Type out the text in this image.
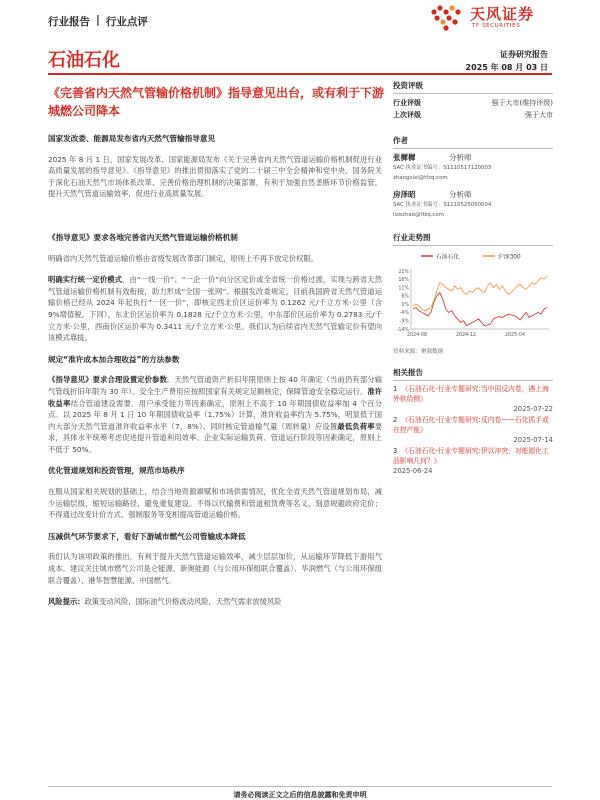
行业报告 | 行业点评	天风证券
TF SECURITIES
石油石化	证券研究报告
2025 年 08 月 03 日
《完善省内天然气管输价格机制》指导意见出台，或有利于下游城燃公司降本
国家发改委、能源局发布省内天然气管输指导意见
2025 年 8 月 1 日，国家发展改革、国家能源局发布《关于完善省内天然气管道运输价格机制促进行业高质量发展的指导意见》。《指导意见》的推出贯彻落实了党的二十届三中全会精神和党中央、国务院关于深化石油天然气市场体系改革、完善价格治理机制的决策部署，有利于加强自然垄断环节价格监管，提升天然气管道运输效率，促进行业高质量发展。
《指导意见》要求各地完善省内天然气管道运输价格机制
明确省内天然气管道运输价格由省级发展改革部门制定，原则上不再下放定价权限。
明确实行统一定价模式，由“一线一价”、“一企一价”向分区定价或全省统一价格过渡，实现与跨省天然气管道运输价格机制有效衔接，助力形成“全国一张网”。根据发改委规定，目前我国跨省天然气管道运输价格已经从 2024 年起执行“一区一价”，即核定西北价区运价率为 0.1262 元/千立方米·公里（含 9%增值税，下同），东北价区运价率为 0.1828 元/千立方米·公里，中东部价区运价率为 0.2783 元/千立方米·公里，西南价区运价率为 0.3411 元/千立方米·公里。我们认为后续省内天然气管输定价有望向该模式靠拢。
规定“准许成本加合理收益”的方法参数
《指导意见》要求合理设置定价参数。天然气管道资产折旧年限原则上按 40 年确定（当前仍有部分输气管线折旧年限为 30 年）。安全生产费用应按照国家有关规定足额核定，保障管道安全稳定运行。准许收益率结合管道建设需要、用户承受能力等因素确定，原则上不高于 10 年期国债收益率加 4 个百分点。以 2025 年 8 月 1 日 10 年期国债收益率（1.75%）计算，准许收益率约为 5.75%，明显低于国内大部分天然气管道准许收益率水平（7、8%）。同时核定管道输气量（周转量）应设置最低负荷率要求，具体水平统筹考虑促进提升管道利用效率、企业实际运输负荷、管道运行阶段等因素确定，原则上不低于 50%。
优化管道规划和投资管理，规范市场秩序
在服从国家相关规划的基础上，结合当地资源禀赋和市场供需情况，优化全省天然气管道规划布局，减少运输层级，缩短运输路径，避免重复建设。不得以代输费和管道租赁费等名义，刻意规避政府定价；不得通过改变计价方式、强制服务等变相提高管道运输价格。
压减供气环节要求下，看好下游城市燃气公司管输成本降低
我们认为该项政策的推出，有利于提升天然气管道运输效率，减少层层加价，从运输环节降低下游用气成本。建议关注城市燃气公司是仑能源、新奥能源（与公用环保组联合覆盖）、华润燃气（与公用环保组联合覆盖）、港华智慧能源、中国燃气。
风险提示：政策变动风险，国际油气价格波动风险，天然气需求放缓风险
投资评级
行业评级	强于大市(维持评级)
上次评级	强于大市
作者
张樨樨	分析师
SAC 执业证书编号：S1110517120003
zhangxixi@tfzq.com
房泽昭	分析师
SAC 执业证书编号：S1110525050004
lizezhao@tfzq.com
行业走势图
石油石化	沪深300
21%
16%
11%
6%
1%
-4%
-9%
-14%
2024-08	2024-12	2025-04
资料来源：聚源数据
相关报告
1 《石油石化-行业专题研究:当中国反内卷，遇上海外供给侧》
2025-07-22
2 《石油石化-行业专题研究:反内卷——石化抓手或在控产能》
2025-07-14
3 《石油石化-行业专题研究:伊以冲突，对能源化工品影响几何？》
2025-06-24
请务必阅读正文之后的信息披露和免责申明
